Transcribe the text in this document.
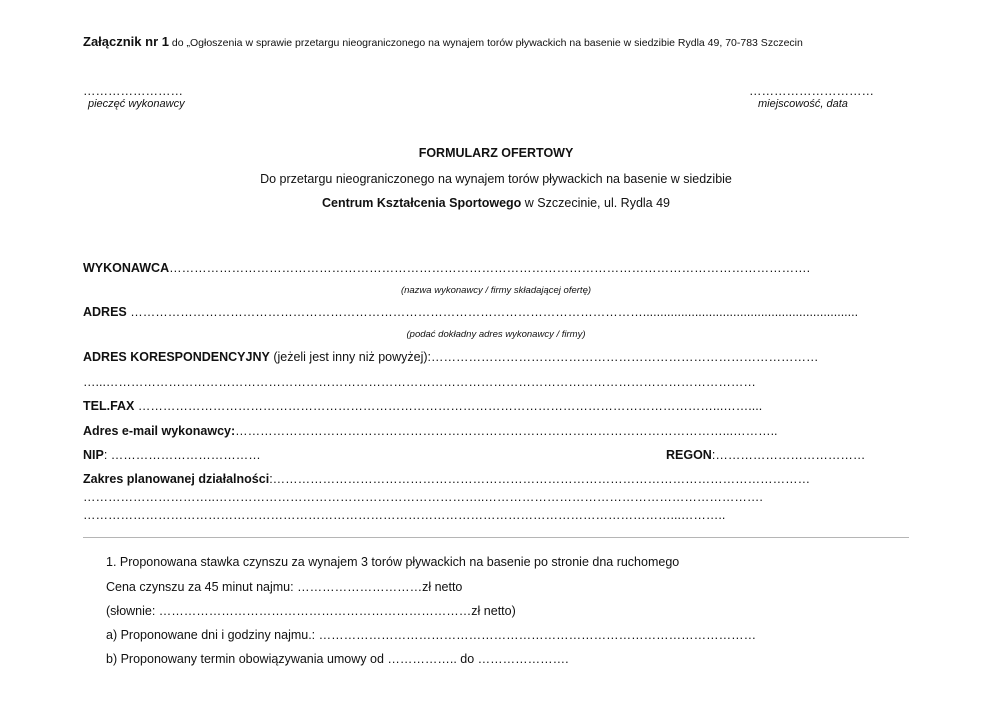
Załącznik nr 1 do „Ogłoszenia w sprawie przetargu nieograniczonego na wynajem torów pływackich na basenie w siedzibie Rydla 49, 70-783 Szczecin
……………………
pieczęć wykonawcy
…………………………
miejscowość, data
FORMULARZ OFERTOWY
Do przetargu nieograniczonego na wynajem torów pływackich na basenie w siedzibie
Centrum Kształcenia Sportowego w Szczecinie, ul. Rydla 49
WYKONAWCA……………………………………………………………………………………………………………………………………….
(nazwa wykonawcy / firmy składającej ofertę)
ADRES ……………………………………………………………………………………………………………..............................................................
(podać dokładny adres wykonawcy / firmy)
ADRES KORESPONDENCYJNY (jeżeli jest inny niż powyżej):…………………………………………………………………………………
…...…………………………………………………………………………………………………………………………………………
TEL.FAX …………………………………………………………………………………………………………………………...……....
Adres e-mail wykonawcy:………………………………………………………………………………………………………...………..
NIP: ………………………………	REGON:………………………………
Zakres planowanej działalności:…………………………………………………………………………………………………………………
…………………………..………………………………………………………..………………………………………………………….
……………………………………………………………………………………………………………………………...………..
1. Proponowana stawka czynszu za wynajem 3 torów pływackich na basenie po stronie dna ruchomego
Cena czynszu za 45 minut najmu: …………………………zł netto
(słownie: …………………………………………………………………zł netto)
a) Proponowane dni i godziny najmu.: ……………………………………………………………………………………………
b) Proponowany termin obowiązywania umowy od …………….. do ………………….
